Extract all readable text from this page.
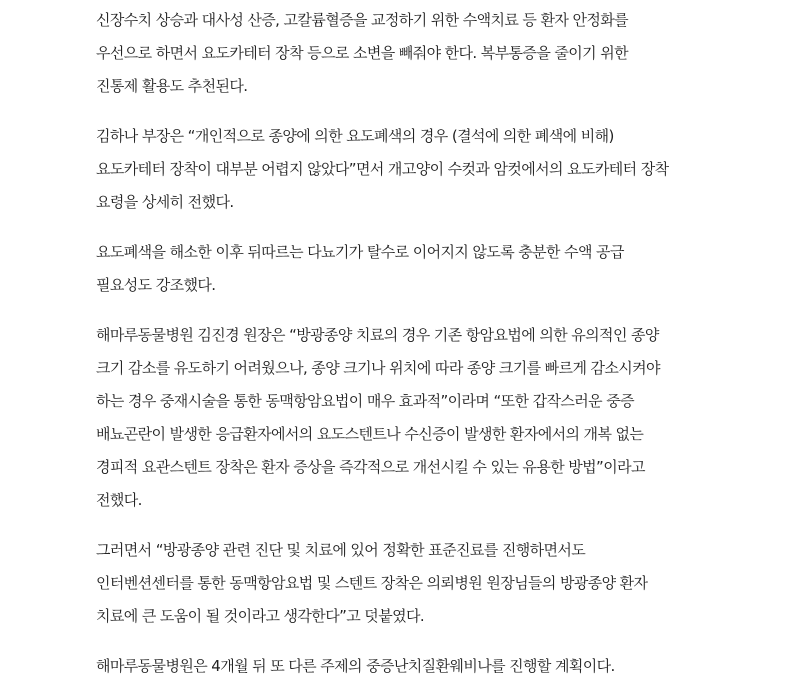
신장수치 상승과 대사성 산증, 고칼륨혈증을 교정하기 위한 수액치료 등 환자 안정화를
우선으로 하면서 요도카테터 장착 등으로 소변을 빼줘야 한다. 복부통증을 줄이기 위한
진통제 활용도 추천된다.

김하나 부장은 “개인적으로 종양에 의한 요도폐색의 경우 (결석에 의한 폐색에 비해)
요도카테터 장착이 대부분 어렵지 않았다”면서 개고양이 수컷과 암컷에서의 요도카테터 장착
요령을 상세히 전했다.

요도폐색을 해소한 이후 뒤따르는 다뇨기가 탈수로 이어지지 않도록 충분한 수액 공급
필요성도 강조했다.

해마루동물병원 김진경 원장은 “방광종양 치료의 경우 기존 항암요법에 의한 유의적인 종양
크기 감소를 유도하기 어려웠으나, 종양 크기나 위치에 따라 종양 크기를 빠르게 감소시켜야
하는 경우 중재시술을 통한 동맥항암요법이 매우 효과적”이라며 “또한 갑작스러운 중증
배뇨곤란이 발생한 응급환자에서의 요도스텐트나 수신증이 발생한 환자에서의 개복 없는
경피적 요관스텐트 장착은 환자 증상을 즉각적으로 개선시킬 수 있는 유용한 방법”이라고
전했다.

그러면서 “방광종양 관련 진단 및 치료에 있어 정확한 표준진료를 진행하면서도
인터벤션센터를 통한 동맥항암요법 및 스텐트 장착은 의뢰병원 원장님들의 방광종양 환자
치료에 큰 도움이 될 것이라고 생각한다”고 덧붙였다.

해마루동물병원은 4개월 뒤 또 다른 주제의 중증난치질환웨비나를 진행할 계획이다.
